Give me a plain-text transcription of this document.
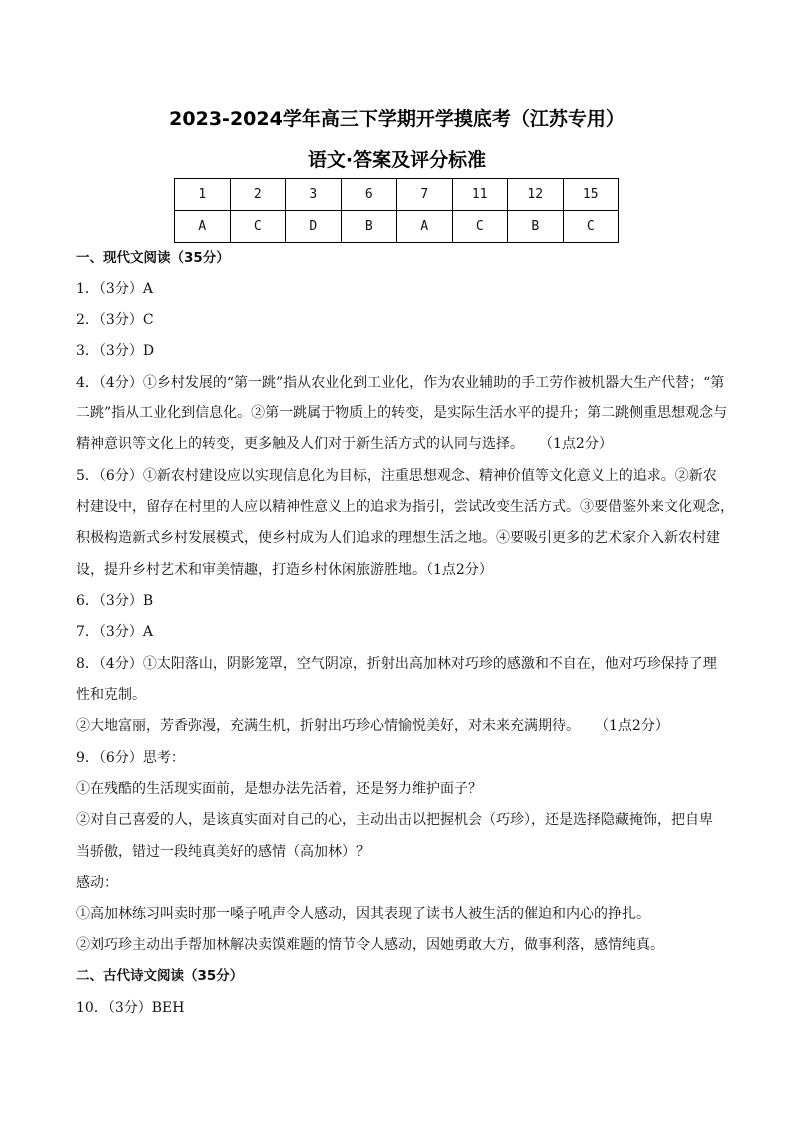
2023-2024学年高三下学期开学摸底考（江苏专用）
语文·答案及评分标准
1	2	3	6	7	11	12	15
A	C	D	B	A	C	B	C
一、现代文阅读（35分）
1．（3分）A
2．（3分）C
3．（3分）D
4．（4分）①乡村发展的“第一跳”指从农业化到工业化，作为农业辅助的手工劳作被机器大生产代替；“第
二跳”指从工业化到信息化。②第一跳属于物质上的转变，是实际生活水平的提升；第二跳侧重思想观念与
精神意识等文化上的转变，更多触及人们对于新生活方式的认同与选择。 （1点2分）
5．（6分）①新农村建设应以实现信息化为目标，注重思想观念、精神价值等文化意义上的追求。②新农
村建设中，留存在村里的人应以精神性意义上的追求为指引，尝试改变生活方式。③要借鉴外来文化观念，
积极构造新式乡村发展模式，使乡村成为人们追求的理想生活之地。④要吸引更多的艺术家介入新农村建
设，提升乡村艺术和审美情趣，打造乡村休闲旅游胜地。（1点2分）
6．（3分）B
7．（3分）A
8．（4分）①太阳落山，阴影笼罩，空气阴凉，折射出高加林对巧珍的感激和不自在，他对巧珍保持了理
性和克制。
②大地富丽，芳香弥漫，充满生机，折射出巧珍心情愉悦美好，对未来充满期待。 （1点2分）
9．（6分）思考：
①在残酷的生活现实面前，是想办法先活着，还是努力维护面子？
②对自己喜爱的人，是该真实面对自己的心，主动出击以把握机会（巧珍），还是选择隐藏掩饰，把自卑
当骄傲，错过一段纯真美好的感情（高加林）？
感动：
①高加林练习叫卖时那一嗓子吼声令人感动，因其表现了读书人被生活的催迫和内心的挣扎。
②刘巧珍主动出手帮加林解决卖馍难题的情节令人感动，因她勇敢大方，做事利落，感情纯真。
二、古代诗文阅读（35分）
10．（3分）BEH
